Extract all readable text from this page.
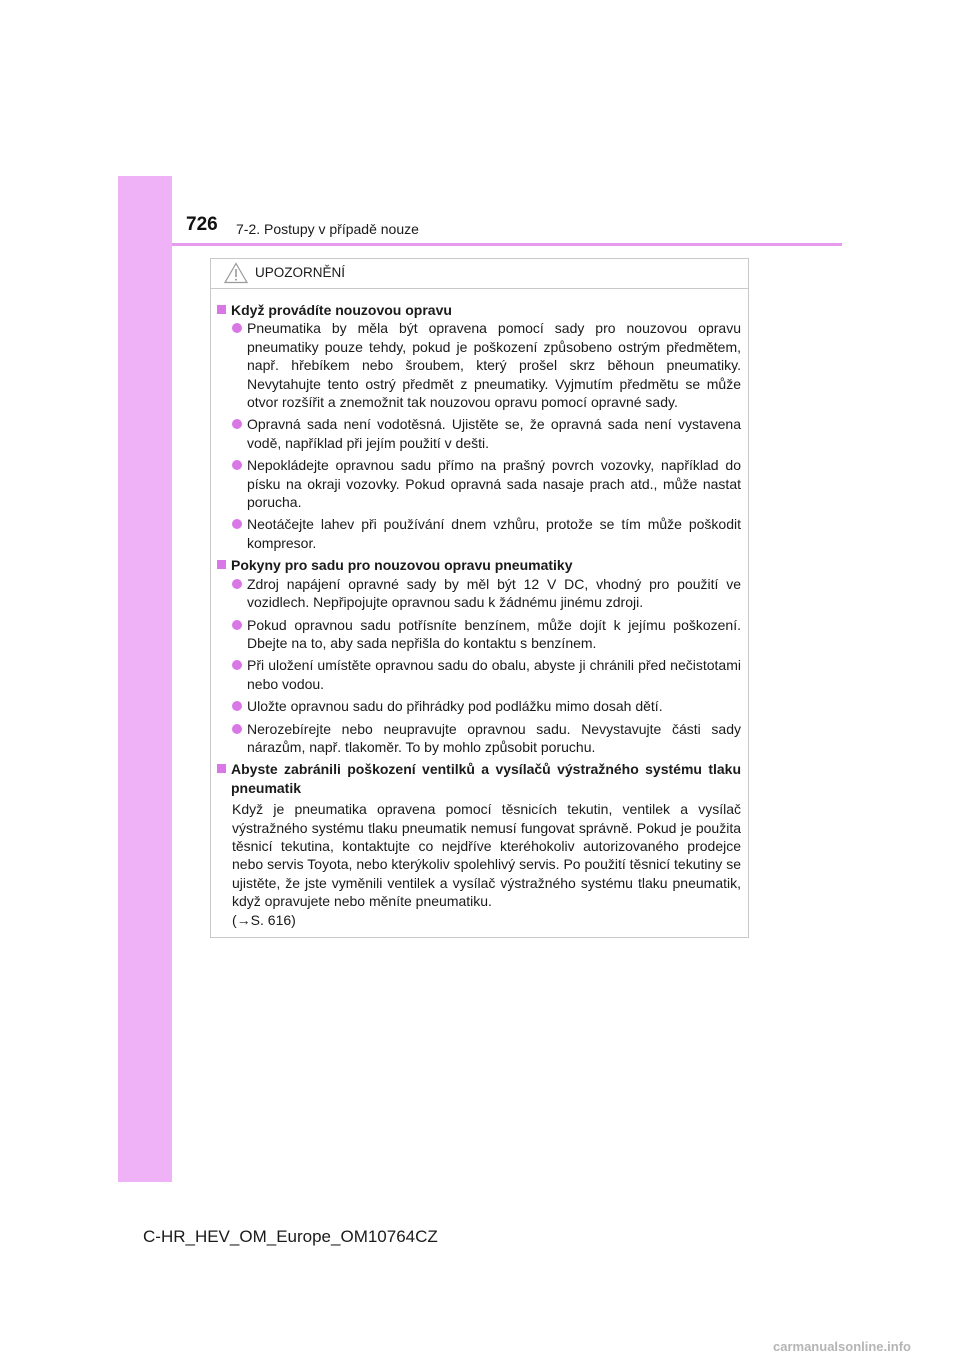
726 7-2. Postupy v případě nouze
UPOZORNĚNÍ
Když provádíte nouzovou opravu
Pneumatika by měla být opravena pomocí sady pro nouzovou opravu pneumatiky pouze tehdy, pokud je poškození způsobeno ostrým předmětem, např. hřebíkem nebo šroubem, který prošel skrz běhoun pneumatiky. Nevytahujte tento ostrý předmět z pneumatiky. Vyjmutím předmětu se může otvor rozšířit a znemožnit tak nouzovou opravu pomocí opravné sady.
Opravná sada není vodotěsná. Ujistěte se, že opravná sada není vystavena vodě, například při jejím použití v dešti.
Nepokládejte opravnou sadu přímo na prašný povrch vozovky, například do písku na okraji vozovky. Pokud opravná sada nasaje prach atd., může nastat porucha.
Neotáčejte lahev při používání dnem vzhůru, protože se tím může poškodit kompresor.
Pokyny pro sadu pro nouzovou opravu pneumatiky
Zdroj napájení opravné sady by měl být 12 V DC, vhodný pro použití ve vozidlech. Nepřipojujte opravnou sadu k žádnému jinému zdroji.
Pokud opravnou sadu potřísníte benzínem, může dojít k jejímu poškození. Dbejte na to, aby sada nepřišla do kontaktu s benzínem.
Při uložení umístěte opravnou sadu do obalu, abyste ji chránili před nečistotami nebo vodou.
Uložte opravnou sadu do přihrádky pod podlážku mimo dosah dětí.
Nerozebírejte nebo neupravujte opravnou sadu. Nevystavujte části sady nárazům, např. tlakoměr. To by mohlo způsobit poruchu.
Abyste zabránili poškození ventilků a vysílačů výstražného systému tlaku pneumatik
Když je pneumatika opravena pomocí těsnicích tekutin, ventilek a vysílač výstražného systému tlaku pneumatik nemusí fungovat správně. Pokud je použita těsnicí tekutina, kontaktujte co nejdříve kteréhokoliv autorizovaného prodejce nebo servis Toyota, nebo kterýkoliv spolehlivý servis. Po použití těsnicí tekutiny se ujistěte, že jste vyměnili ventilek a vysílač výstražného systému tlaku pneumatik, když opravujete nebo měníte pneumatiku.
(→S. 616)
C-HR_HEV_OM_Europe_OM10764CZ
carmanualsonline.info
